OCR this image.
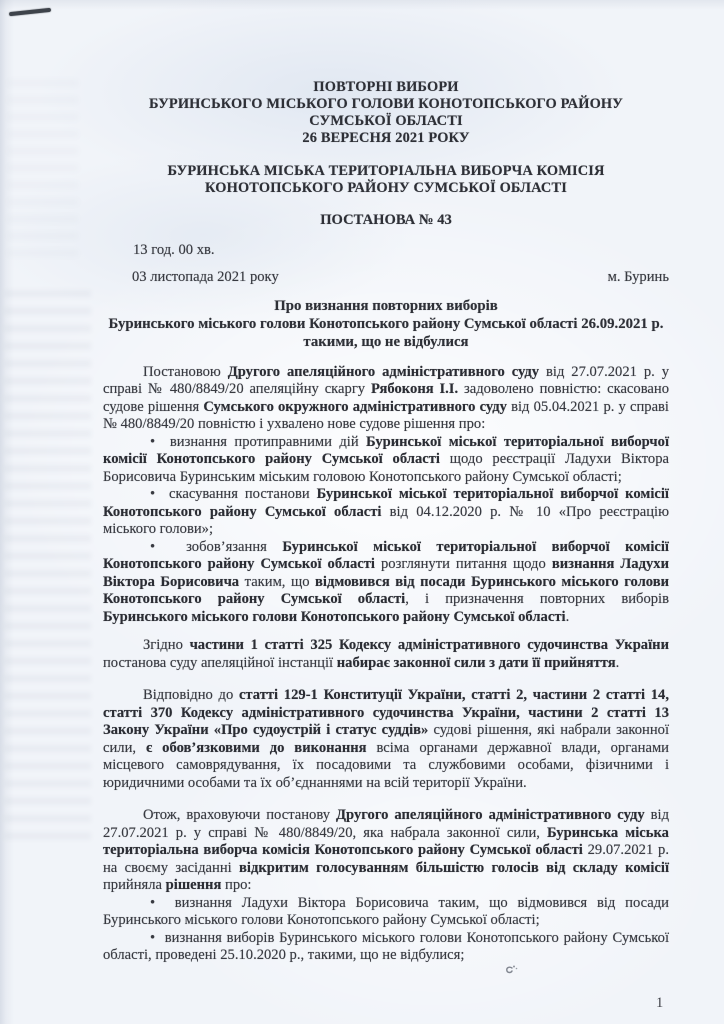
ПОВТОРНІ ВИБОРИ
БУРИНСЬКОГО МІСЬКОГО ГОЛОВИ КОНОТОПСЬКОГО РАЙОНУ
СУМСЬКОЇ ОБЛАСТІ
26 ВЕРЕСНЯ 2021 РОКУ
БУРИНСЬКА МІСЬКА ТЕРИТОРІАЛЬНА ВИБОРЧА КОМІСІЯ
КОНОТОПСЬКОГО РАЙОНУ СУМСЬКОЇ ОБЛАСТІ
ПОСТАНОВА № 43
13 год. 00 хв.
03 листопада 2021 року	м. Буринь
Про визнання повторних виборів
Буринського міського голови Конотопського району Сумської області 26.09.2021 р.
такими, що не відбулися

Постановою Другого апеляційного адміністративного суду від 27.07.2021 р. у справі № 480/8849/20 апеляційну скаргу Рябоконя І.І. задоволено повністю: скасовано судове рішення Сумського окружного адміністративного суду від 05.04.2021 р. у справі № 480/8849/20 повністю і ухвалено нове судове рішення про:

•  визнання протиправними дій Буринської міської територіальної виборчої комісії Конотопського району Сумської області щодо реєстрації Ладухи Віктора Борисовича Буринським міським головою Конотопського району Сумської області;

•  скасування постанови Буринської міської територіальної виборчої комісії Конотопського району Сумської області від 04.12.2020 р. № 10 «Про реєстрацію міського голови»;

•  зобов’язання Буринської міської територіальної виборчої комісії Конотопського району Сумської області розглянути питання щодо визнання Ладухи Віктора Борисовича таким, що відмовився від посади Буринського міського голови Конотопського району Сумської області, і призначення повторних виборів Буринського міського голови Конотопського району Сумської області.

Згідно частини 1 статті 325 Кодексу адміністративного судочинства України постанова суду апеляційної інстанції набирає законної сили з дати її прийняття.

Відповідно до статті 129-1 Конституції України, статті 2, частини 2 статті 14, статті 370 Кодексу адміністративного судочинства України, частини 2 статті 13 Закону України «Про судоустрій і статус суддів» судові рішення, які набрали законної сили, є обов’язковими до виконання всіма органами державної влади, органами місцевого самоврядування, їх посадовими та службовими особами, фізичними і юридичними особами та їх об’єднаннями на всій території України.

Отож, враховуючи постанову Другого апеляційного адміністративного суду від 27.07.2021 р. у справі № 480/8849/20, яка набрала законної сили, Буринська міська територіальна виборча комісія Конотопського району Сумської області 29.07.2021 р. на своєму засіданні відкритим голосуванням більшістю голосів від складу комісії прийняла рішення про:

•  визнання Ладухи Віктора Борисовича таким, що відмовився від посади Буринського міського голови Конотопського району Сумської області;

•  визнання виборів Буринського міського голови Конотопського району Сумської області, проведені 25.10.2020 р., такими, що не відбулися;

1
